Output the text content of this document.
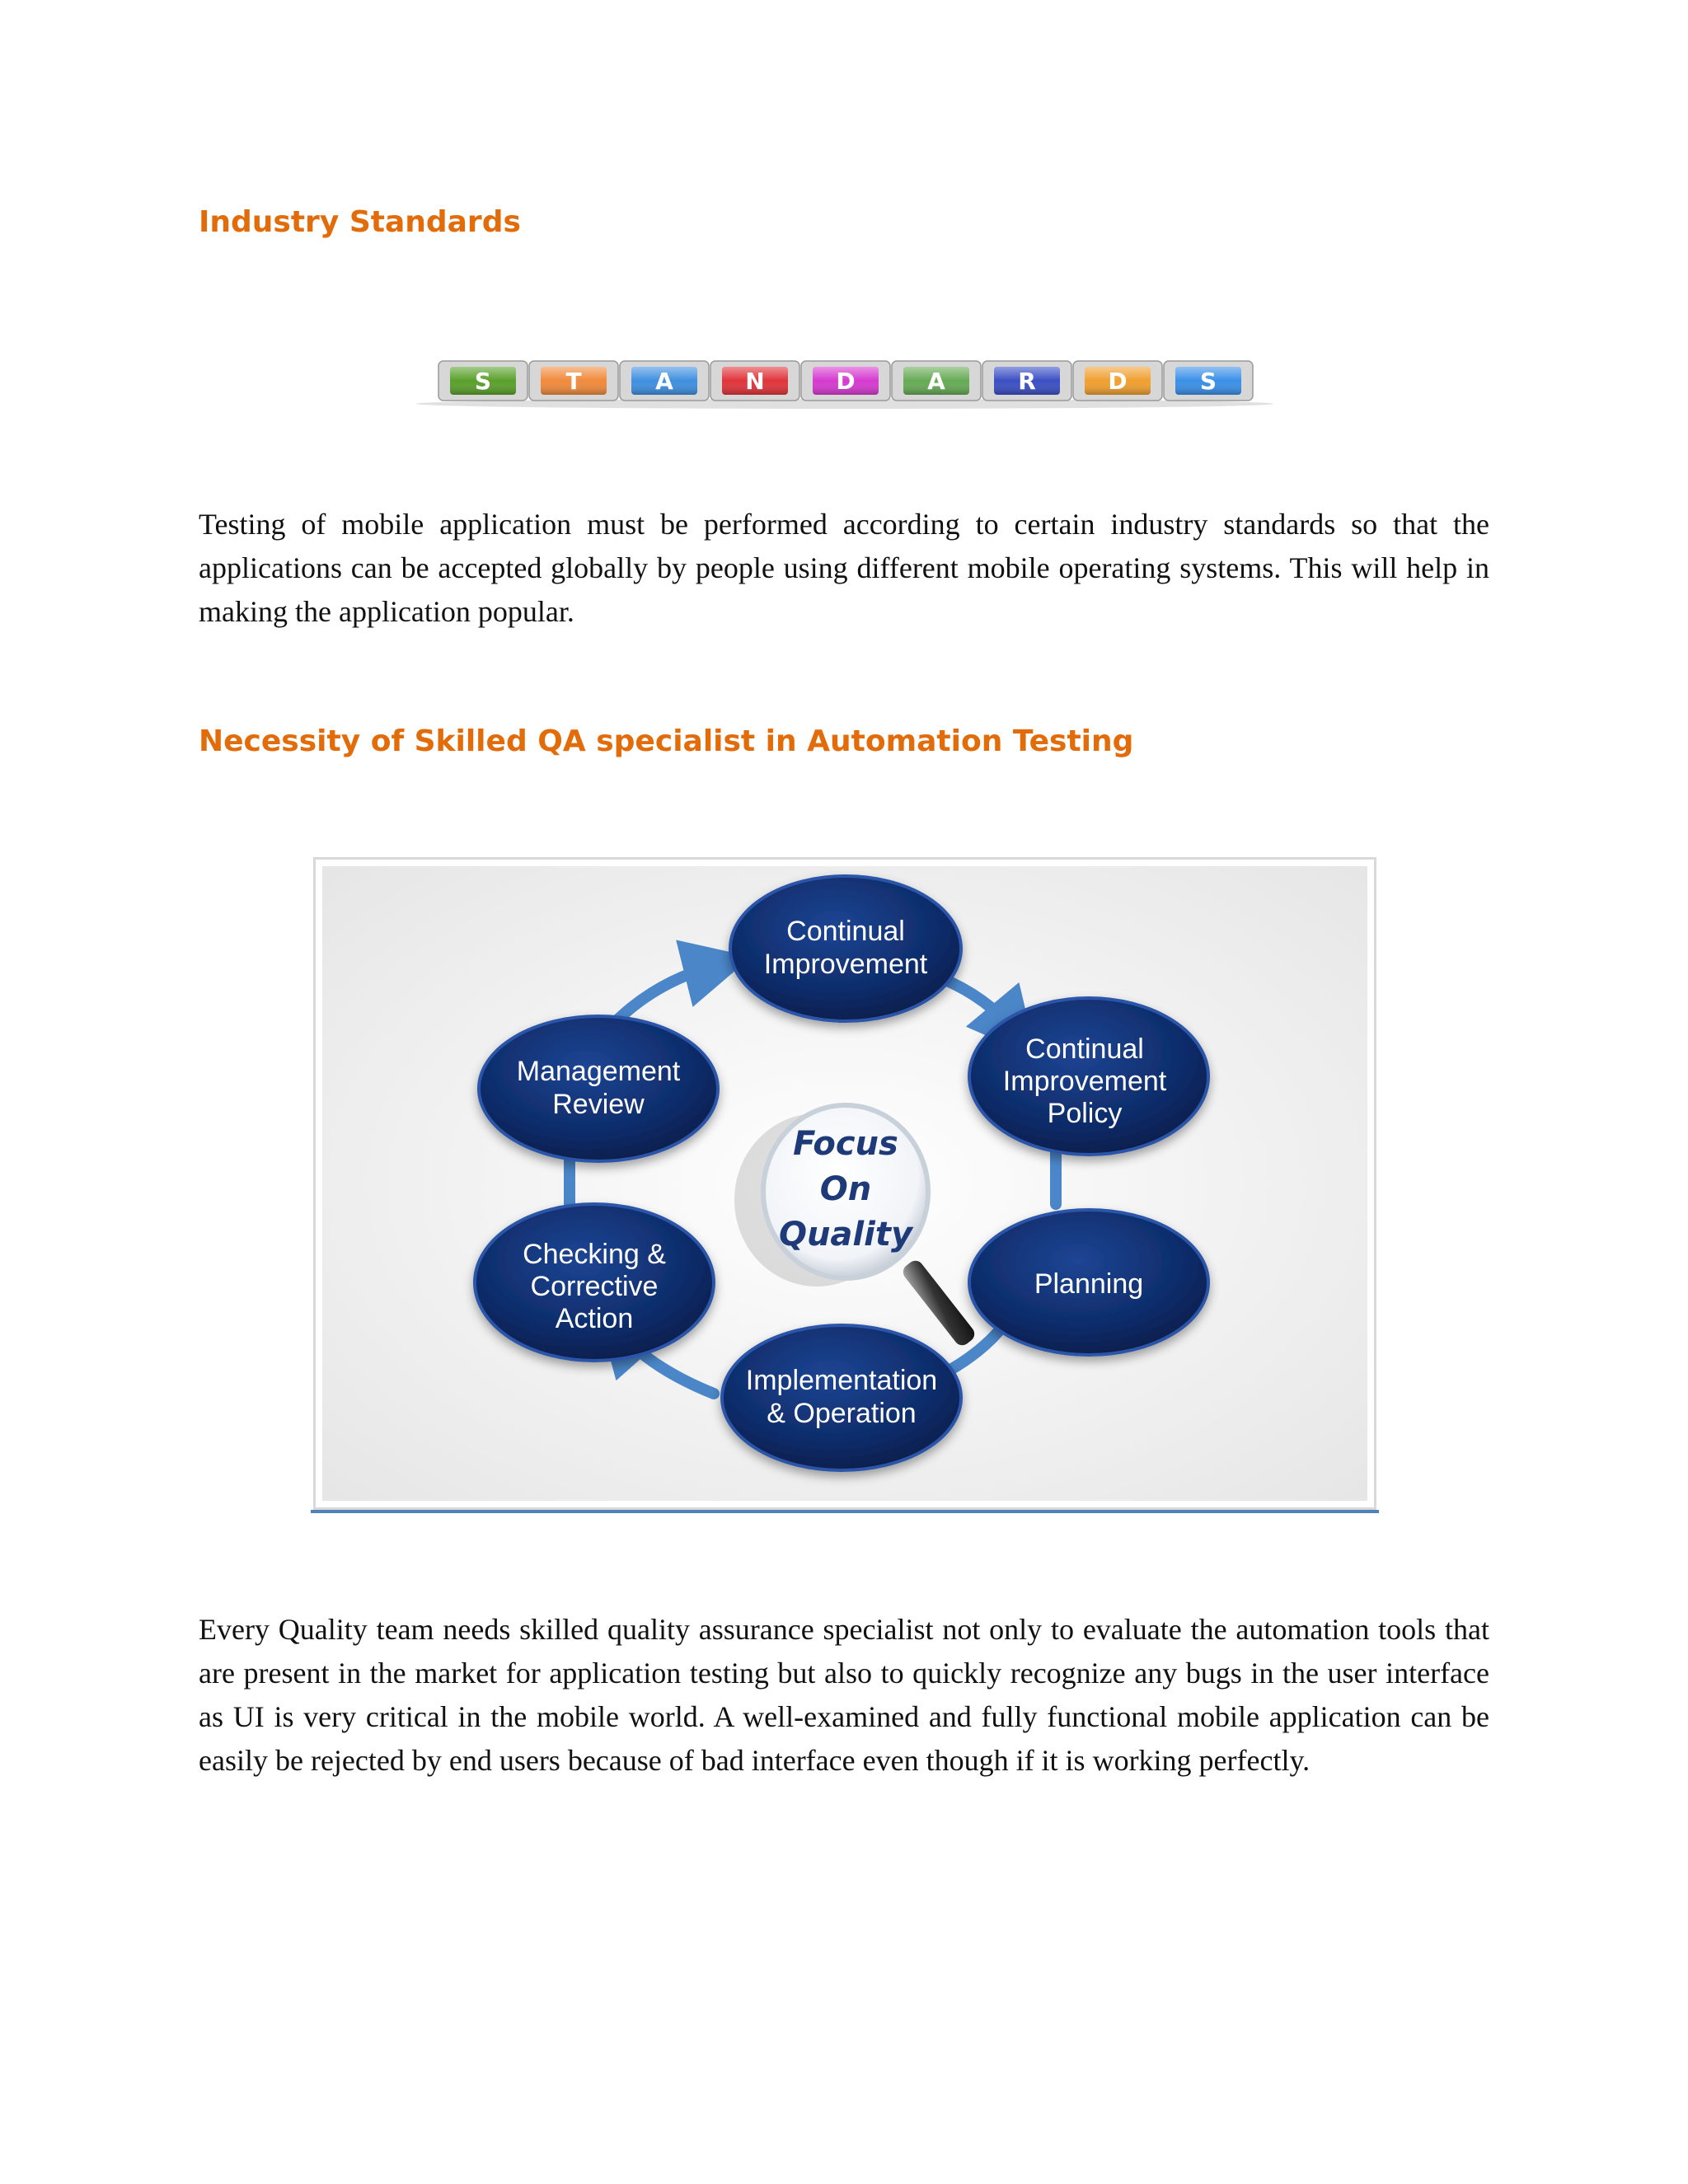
Industry Standards
S	T	A	N	D	A	R	D	S

Testing of mobile application must be performed according to certain industry standards so that the applications can be accepted globally by people using different mobile operating systems. This will help in making the application popular.

Necessity of Skilled QA specialist in Automation Testing
Focus
On
Quality
Continual
Improvement
Continual
Improvement
Policy
Planning
Implementation
& Operation
Checking &
Corrective
Action
Management
Review

Every Quality team needs skilled quality assurance specialist not only to evaluate the automation tools that are present in the market for application testing but also to quickly recognize any bugs in the user interface as UI is very critical in the mobile world. A well-examined and fully functional mobile application can be easily be rejected by end users because of bad interface even though if it is working perfectly.
